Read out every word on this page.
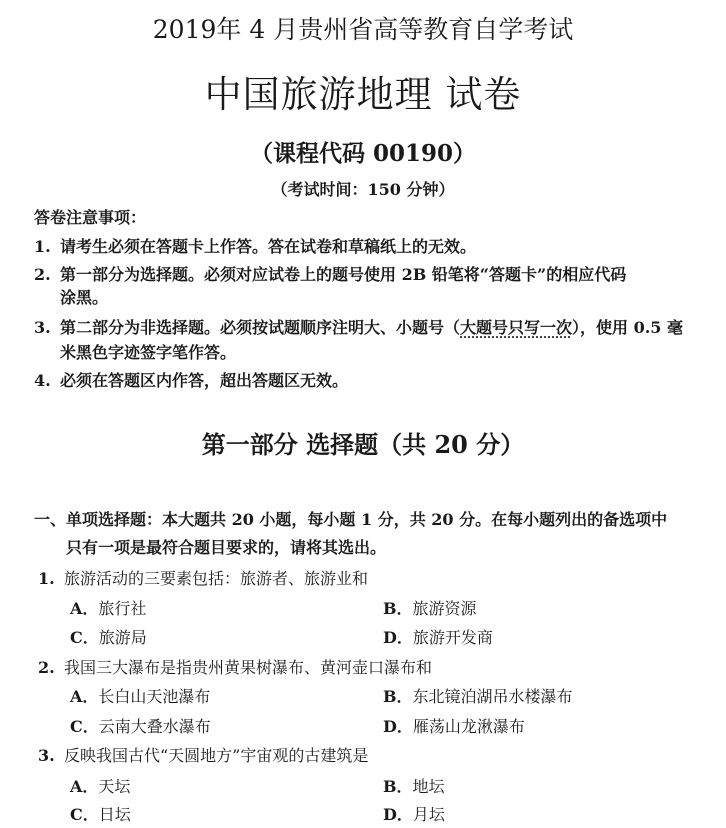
2019年 4 月贵州省高等教育自学考试
中国旅游地理 试卷
（课程代码 00190）
（考试时间：150 分钟）
答卷注意事项：
1. 请考生必须在答题卡上作答。答在试卷和草稿纸上的无效。
2. 第一部分为选择题。必须对应试卷上的题号使用 2B 铅笔将“答题卡”的相应代码
涂黑。
3. 第二部分为非选择题。必须按试题顺序注明大、小题号（大题号只写一次），使用 0.5 毫
米黑色字迹签字笔作答。
4. 必须在答题区内作答，超出答题区无效。
第一部分 选择题（共 20 分）
一、单项选择题：本大题共 20 小题，每小题 1 分，共 20 分。在每小题列出的备选项中
只有一项是最符合题目要求的，请将其选出。
1. 旅游活动的三要素包括：旅游者、旅游业和
A．旅行社	B．旅游资源
C．旅游局	D．旅游开发商
2. 我国三大瀑布是指贵州黄果树瀑布、黄河壶口瀑布和
A．长白山天池瀑布	B．东北镜泊湖吊水楼瀑布
C．云南大叠水瀑布	D．雁荡山龙湫瀑布
3. 反映我国古代“天圆地方”宇宙观的古建筑是
A．天坛	B．地坛
C．日坛	D．月坛
